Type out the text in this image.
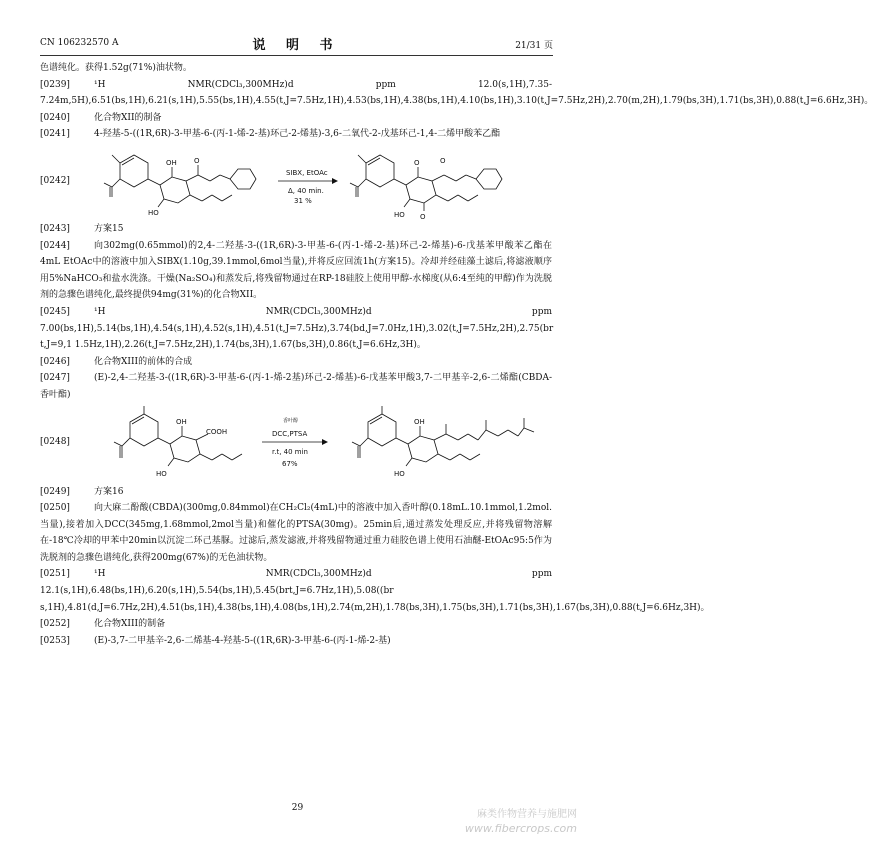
CN 106232570 A	说 明 书	21/31 页
色谱纯化。获得1.52g(71%)油状物。
[0239]	¹H NMR(CDCl₃,300MHz)d ppm 12.0(s,1H),7.35-7.24m,5H),6.51(bs,1H),6.21(s,1H),5.55(bs,1H),4.55(t,J=7.5Hz,1H),4.53(bs,1H),4.38(bs,1H),4.10(bs,1H),3.10(t,J=7.5Hz,2H),2.70(m,2H),1.79(bs,3H),1.71(bs,3H),0.88(t,J=6.6Hz,3H)。
[0240]	化合物XII的制备
[0241]	4-羟基-5-((1R,6R)-3-甲基-6-(丙-1-烯-2-基)环己-2-烯基)-3,6-二氧代-2-戊基环己-1,4-二烯甲酸苯乙酯
[0242]
OH O
HO
SIBX, EtOAc
Δ, 40 min.
31 %
O	O
HO O
[0243]	方案15
[0244]	向302mg(0.65mmol)的2,4-二羟基-3-((1R,6R)-3-甲基-6-(丙-1-烯-2-基)环己-2-烯基)-6-戊基苯甲酸苯乙酯在4mL EtOAc中的溶液中加入SIBX(1.10g,39.1mmol,6mol当量),并将反应回流1h(方案15)。冷却并经硅藻土滤后,将滤液顺序用5%NaHCO₃和盐水洗涤。干燥(Na₂SO₄)和蒸发后,将残留物通过在RP-18硅胶上使用甲醇-水梯度(从6:4至纯的甲醇)作为洗脱剂的急骤色谱纯化,最终提供94mg(31%)的化合物XII。
[0245]	¹H NMR(CDCl₃,300MHz)d ppm 7.00(bs,1H),5.14(bs,1H),4.54(s,1H),4.52(s,1H),4.51(t,J=7.5Hz),3.74(bd,J=7.0Hz,1H),3.02(t,J=7.5Hz,2H),2.75(br t,J=9,1 1.5Hz,1H),2.26(t,J=7.5Hz,2H),1.74(bs,3H),1.67(bs,3H),0.86(t,J=6.6Hz,3H)。
[0246]	化合物XIII的前体的合成
[0247]	(E)-2,4-二羟基-3-((1R,6R)-3-甲基-6-(丙-1-烯-2基)环己-2-烯基)-6-戊基苯甲酸3,7-二甲基辛-2,6-二烯酯(CBDA-香叶酯)
[0248]
OH
COOH
HO
香叶醇
DCC,PTSA
r.t, 40 min
67%
OH
HO
[0249]	方案16
[0250]	向大麻二酚酸(CBDA)(300mg,0.84mmol)在CH₂Cl₂(4mL)中的溶液中加入香叶醇(0.18mL.10.1mmol,1.2mol.当量),接着加入DCC(345mg,1.68mmol,2mol当量)和催化的PTSA(30mg)。25min后,通过蒸发处理反应,并将残留物溶解在-18℃冷却的甲苯中20min以沉淀二环己基脲。过滤后,蒸发滤液,并将残留物通过重力硅胶色谱上使用石油醚-EtOAc95:5作为洗脱剂的急骤色谱纯化,获得200mg(67%)的无色油状物。
[0251]	¹H NMR(CDCl₃,300MHz)d ppm 12.1(s,1H),6.48(bs,1H),6.20(s,1H),5.54(bs,1H),5.45(brt,J=6.7Hz,1H),5.08((br s,1H),4.81(d,J=6.7Hz,2H),4.51(bs,1H),4.38(bs,1H),4.08(bs,1H),2.74(m,2H),1.78(bs,3H),1.75(bs,3H),1.71(bs,3H),1.67(bs,3H),0.88(t,J=6.6Hz,3H)。
[0252]	化合物XIII的制备
[0253]	(E)-3,7-二甲基辛-2,6-二烯基-4-羟基-5-((1R,6R)-3-甲基-6-(丙-1-烯-2-基)
29
麻类作物营养与施肥网
www.fibercrops.com
